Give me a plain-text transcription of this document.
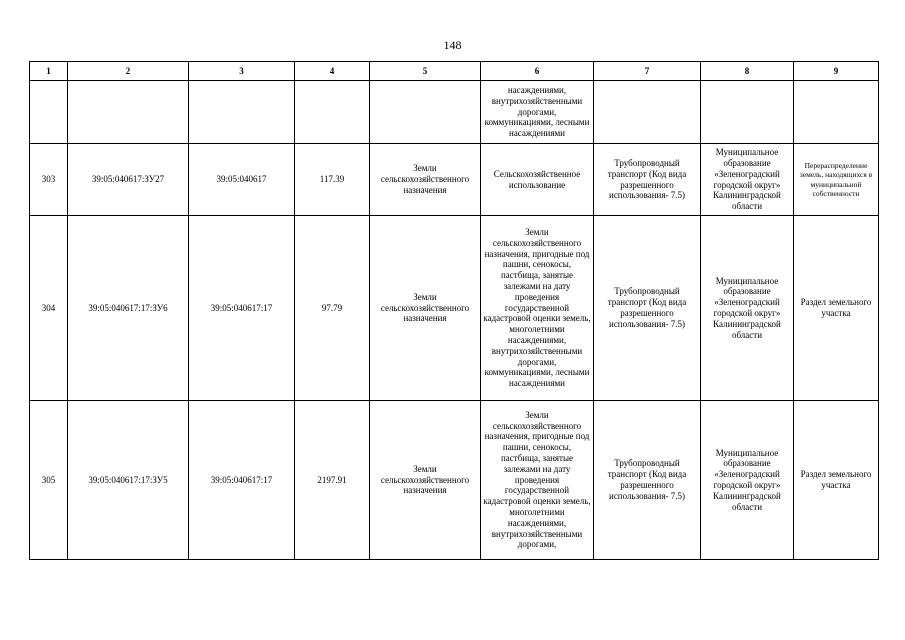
148
1	2	3	4	5	6	7	8	9
					насаждениями, внутрихозяйственными дорогами, коммуникациями, лесными насаждениями			
303	39:05:040617:ЗУ27	39:05:040617	117.39	Земли сельскохозяйственного назначения	Сельскохозяйственное использование	Трубопроводный транспорт (Код вида разрешенного использования- 7.5)	Муниципальное образование «Зеленоградский городской округ» Калининградской области	Перераспределение земель, находящихся в муниципальной собственности
304	39:05:040617:17:ЗУ6	39:05:040617:17	97.79	Земли сельскохозяйственного назначения	Земли сельскохозяйственного назначения, пригодные под пашни, сенокосы, пастбища, занятые залежами на дату проведения государственной кадастровой оценки земель, многолетними насаждениями, внутрихозяйственными дорогами, коммуникациями, лесными насаждениями	Трубопроводный транспорт (Код вида разрешенного использования- 7.5)	Муниципальное образование «Зеленоградский городской округ» Калининградской области	Раздел земельного участка
305	39:05:040617:17:ЗУ5	39:05:040617:17	2197.91	Земли сельскохозяйственного назначения	Земли сельскохозяйственного назначения, пригодные под пашни, сенокосы, пастбища, занятые залежами на дату проведения государственной кадастровой оценки земель, многолетними насаждениями, внутрихозяйственными дорогами,	Трубопроводный транспорт (Код вида разрешенного использования- 7.5)	Муниципальное образование «Зеленоградский городской округ» Калининградской области	Раздел земельного участка
